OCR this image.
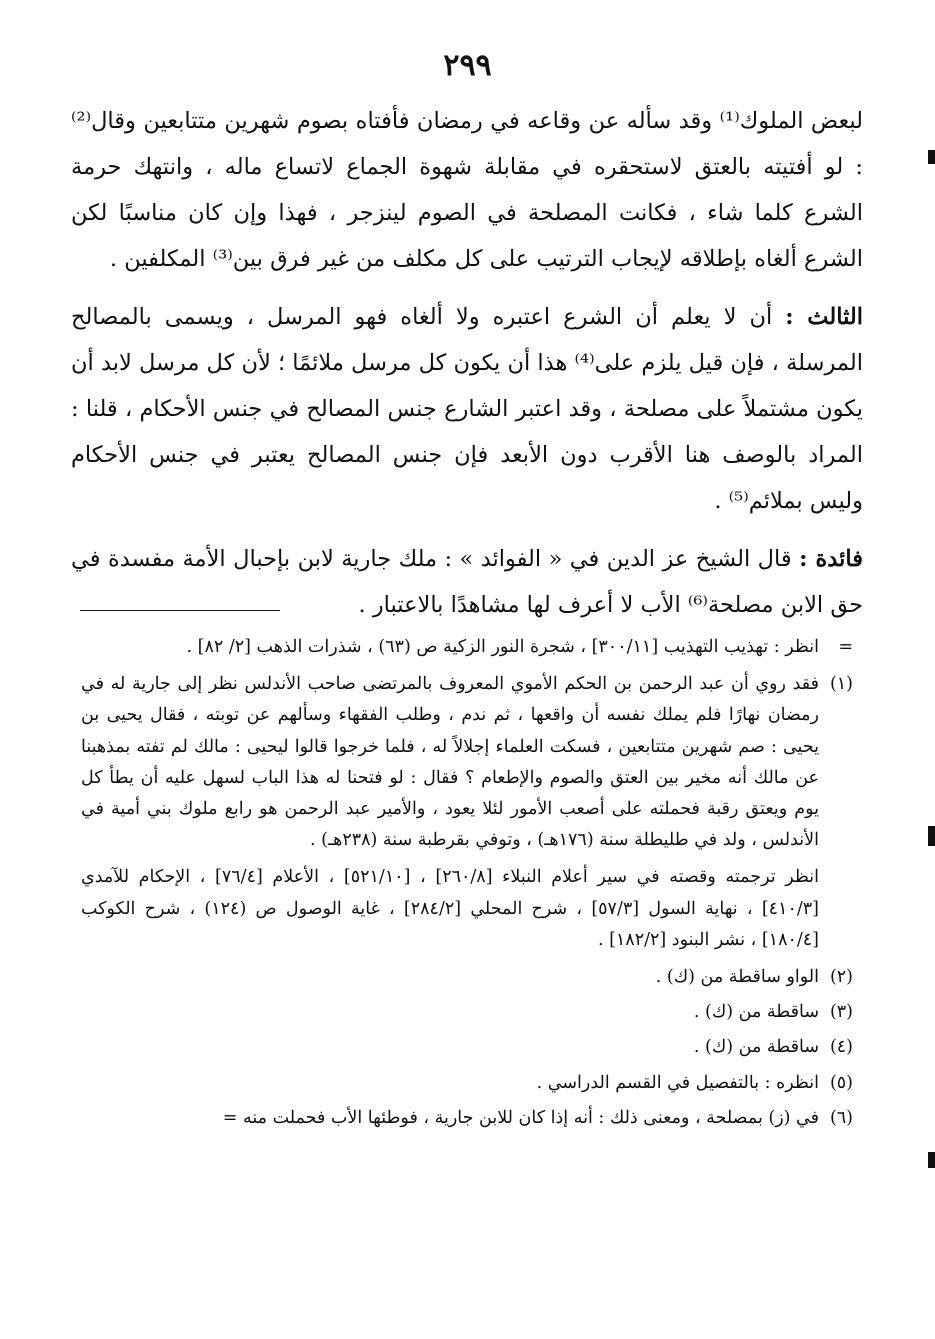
٢٩٩

لبعض الملوك⁽¹⁾ وقد سأله عن وقاعه في رمضان فأفتاه بصوم شهرين متتابعين وقال⁽²⁾ : لو أفتيته بالعتق لاستحقره في مقابلة شهوة الجماع لاتساع ماله ، وانتهك حرمة الشرع كلما شاء ، فكانت المصلحة في الصوم لينزجر ، فهذا وإن كان مناسبًا لكن الشرع ألغاه بإطلاقه لإيجاب الترتيب على كل مكلف من غير فرق بين⁽³⁾ المكلفين .

الثالث : أن لا يعلم أن الشرع اعتبره ولا ألغاه فهو المرسل ، ويسمى بالمصالح المرسلة ، فإن قيل يلزم على⁽⁴⁾ هذا أن يكون كل مرسل ملائمًا ؛ لأن كل مرسل لابد أن يكون مشتملاً على مصلحة ، وقد اعتبر الشارع جنس المصالح في جنس الأحكام ، قلنا : المراد بالوصف هنا الأقرب دون الأبعد فإن جنس المصالح يعتبر في جنس الأحكام وليس بملائم⁽⁵⁾ .

فائدة : قال الشيخ عز الدين في « الفوائد » : ملك جارية لابن بإحبال الأمة مفسدة في حق الابن مصلحة⁽⁶⁾ الأب لا أعرف لها مشاهدًا بالاعتبار .

=
انظر : تهذيب التهذيب [٣٠٠/١١] ، شجرة النور الزكية ص (٦٣) ، شذرات الذهب [٢/ ٨٢] .
(١)
فقد روي أن عبد الرحمن بن الحكم الأموي المعروف بالمرتضى صاحب الأندلس نظر إلى جارية له في رمضان نهارًا فلم يملك نفسه أن واقعها ، ثم ندم ، وطلب الفقهاء وسألهم عن توبته ، فقال يحيى بن يحيى : صم شهرين متتابعين ، فسكت العلماء إجلالاً له ، فلما خرجوا قالوا ليحيى : مالك لم تفته بمذهبنا عن مالك أنه مخير بين العتق والصوم والإطعام ؟ فقال : لو فتحنا له هذا الباب لسهل عليه أن يطأ كل يوم ويعتق رقبة فحملته على أصعب الأمور لئلا يعود ، والأمير عبد الرحمن هو رابع ملوك بني أمية في الأندلس ، ولد في طليطلة سنة (١٧٦هـ) ، وتوفي بقرطبة سنة (٢٣٨هـ) .
انظر ترجمته وقصته في سير أعلام النبلاء [٢٦٠/٨] ، [٥٢١/١٠] ، الأعلام [٧٦/٤] ، الإحكام للآمدي [٤١٠/٣] ، نهاية السول [٥٧/٣] ، شرح المحلي [٢٨٤/٢] ، غاية الوصول ص (١٢٤) ، شرح الكوكب [١٨٠/٤] ، نشر البنود [١٨٢/٢] .
(٢)
الواو ساقطة من (ك) .
(٣)
ساقطة من (ك) .
(٤)
ساقطة من (ك) .
(٥)
انظره : بالتفصيل في القسم الدراسي .
(٦)
في (ز) بمصلحة ، ومعنى ذلك : أنه إذا كان للابن جارية ، فوطئها الأب فحملت منه =
